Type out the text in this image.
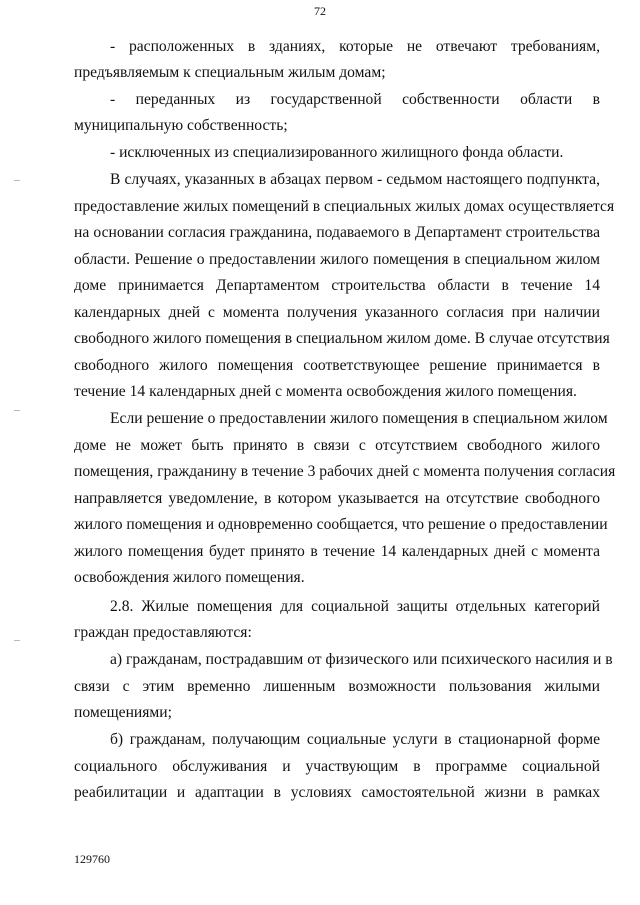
72
- расположенных в зданиях, которые не отвечают требованиям,
предъявляемым к специальным жилым домам;
- переданных из государственной собственности области в
муниципальную собственность;
- исключенных из специализированного жилищного фонда области.
В случаях, указанных в абзацах первом - седьмом настоящего подпункта,
предоставление жилых помещений в специальных жилых домах осуществляется
на основании согласия гражданина, подаваемого в Департамент строительства
области. Решение о предоставлении жилого помещения в специальном жилом
доме принимается Департаментом строительства области в течение 14
календарных дней с момента получения указанного согласия при наличии
свободного жилого помещения в специальном жилом доме. В случае отсутствия
свободного жилого помещения соответствующее решение принимается в
течение 14 календарных дней с момента освобождения жилого помещения.
Если решение о предоставлении жилого помещения в специальном жилом
доме не может быть принято в связи с отсутствием свободного жилого
помещения, гражданину в течение 3 рабочих дней с момента получения согласия
направляется уведомление, в котором указывается на отсутствие свободного
жилого помещения и одновременно сообщается, что решение о предоставлении
жилого помещения будет принято в течение 14 календарных дней с момента
освобождения жилого помещения.
2.8. Жилые помещения для социальной защиты отдельных категорий
граждан предоставляются:
а) гражданам, пострадавшим от физического или психического насилия и в
связи с этим временно лишенным возможности пользования жилыми
помещениями;
б) гражданам, получающим социальные услуги в стационарной форме
социального обслуживания и участвующим в программе социальной
реабилитации и адаптации в условиях самостоятельной жизни в рамках
129760
